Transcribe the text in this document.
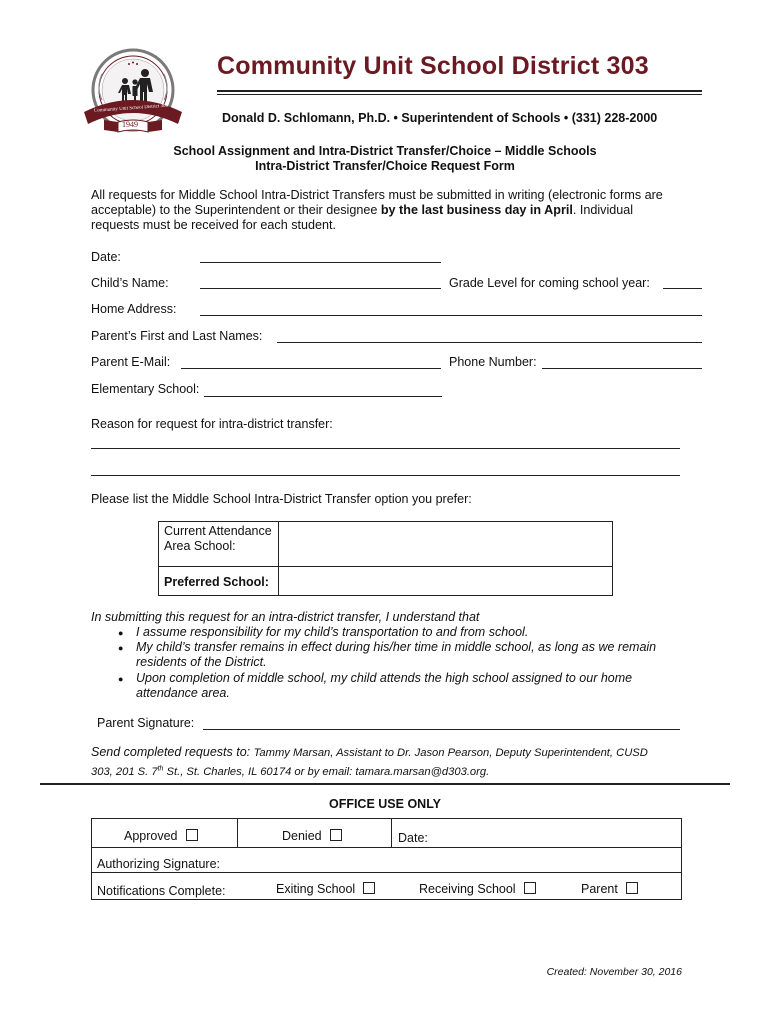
1949
Community Unit School District 303
Community Unit School District 303
Donald D. Schlomann, Ph.D. • Superintendent of Schools • (331) 228-2000
School Assignment and Intra-District Transfer/Choice – Middle Schools
Intra-District Transfer/Choice Request Form
All requests for Middle School Intra-District Transfers must be submitted in writing (electronic forms are acceptable) to the Superintendent or their designee by the last business day in April. Individual requests must be received for each student.
Date:
Child’s Name:	Grade Level for coming school year:
Home Address:
Parent’s First and Last Names:
Parent E-Mail:	Phone Number:
Elementary School:
Reason for request for intra-district transfer:
Please list the Middle School Intra-District Transfer option you prefer:
Current Attendance Area School:	
Preferred School:	
In submitting this request for an intra-district transfer, I understand that
● I assume responsibility for my child’s transportation to and from school.
● My child’s transfer remains in effect during his/her time in middle school, as long as we remain residents of the District.
● Upon completion of middle school, my child attends the high school assigned to our home attendance area.
Parent Signature:
Send completed requests to: Tammy Marsan, Assistant to Dr. Jason Pearson, Deputy Superintendent, CUSD
303, 201 S. 7th St., St. Charles, IL 60174 or by email: tamara.marsan@d303.org.
OFFICE USE ONLY
Approved	Denied	Date:
Authorizing Signature:
Notifications Complete:	Exiting School	Receiving School	Parent
Created: November 30, 2016
